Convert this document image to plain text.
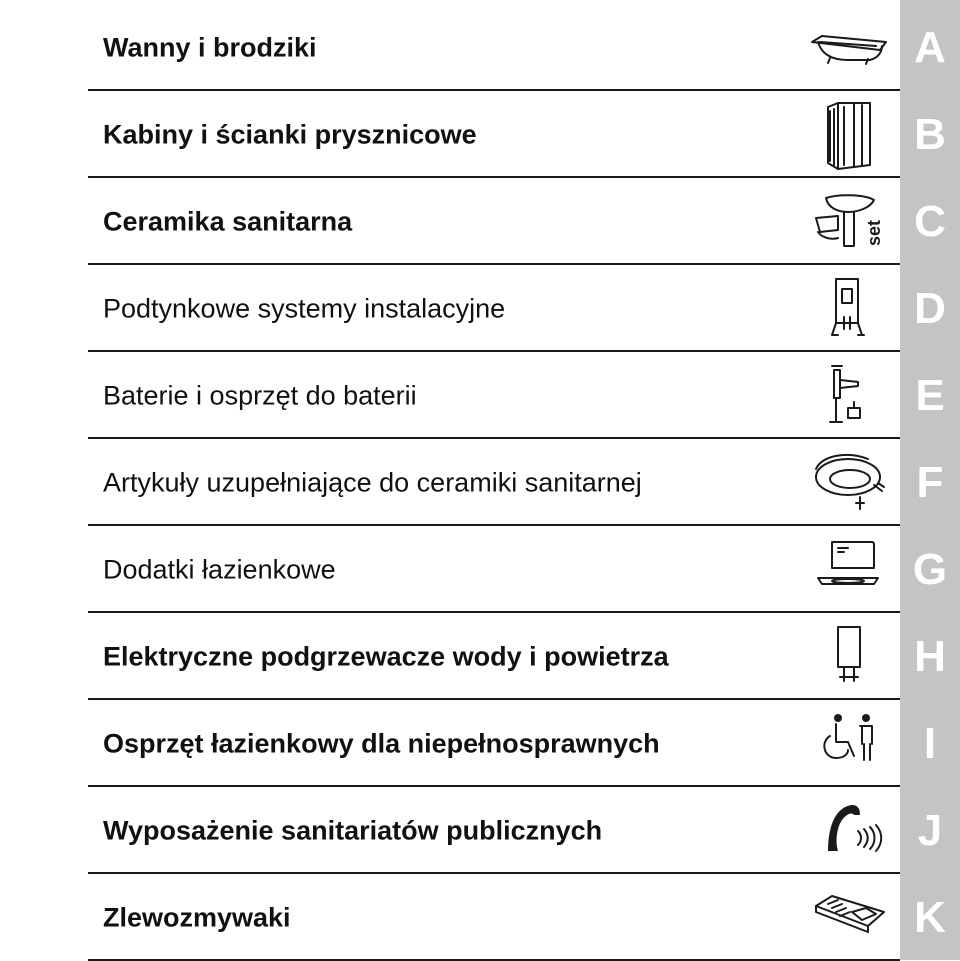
Wanny i brodziki	A
Kabiny i ścianki prysznicowe	B
Ceramika sanitarna	set C
Podtynkowe systemy instalacyjne	D
Baterie i osprzęt do baterii	E
Artykuły uzupełniające do ceramiki sanitarnej	F
Dodatki łazienkowe	G
Elektryczne podgrzewacze wody i powietrza	H
Osprzęt łazienkowy dla niepełnosprawnych	I
Wyposażenie sanitariatów publicznych	J
Zlewozmywaki	K
